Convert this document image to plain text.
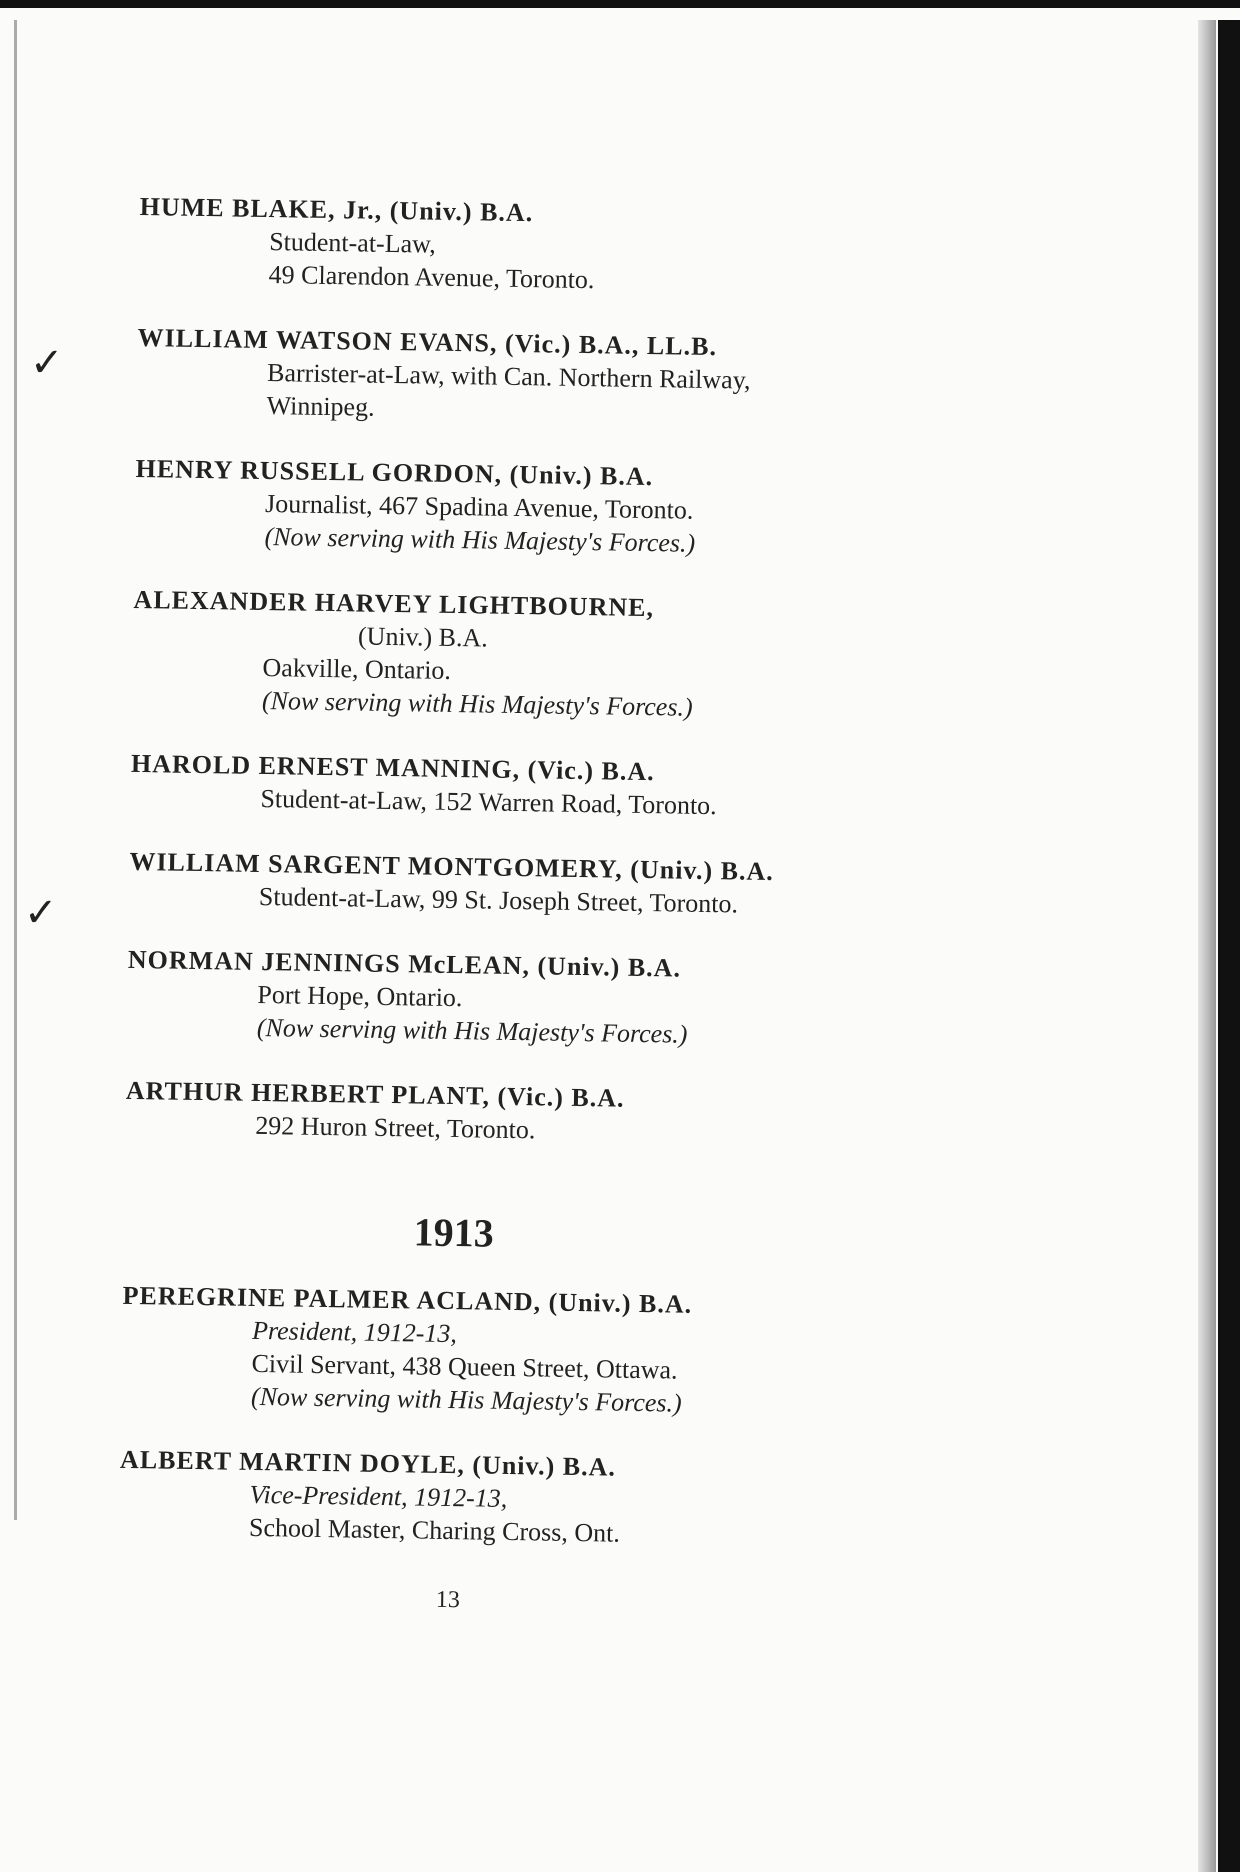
✓
✓
HUME BLAKE, Jr., (Univ.) B.A.
Student-at-Law,
49 Clarendon Avenue, Toronto.
WILLIAM WATSON EVANS, (Vic.) B.A., LL.B.
Barrister-at-Law, with Can. Northern Railway,
Winnipeg.
HENRY RUSSELL GORDON, (Univ.) B.A.
Journalist, 467 Spadina Avenue, Toronto.
(Now serving with His Majesty's Forces.)
ALEXANDER HARVEY LIGHTBOURNE,
(Univ.) B.A.
Oakville, Ontario.
(Now serving with His Majesty's Forces.)
HAROLD ERNEST MANNING, (Vic.) B.A.
Student-at-Law, 152 Warren Road, Toronto.
WILLIAM SARGENT MONTGOMERY, (Univ.) B.A.
Student-at-Law, 99 St. Joseph Street, Toronto.
NORMAN JENNINGS McLEAN, (Univ.) B.A.
Port Hope, Ontario.
(Now serving with His Majesty's Forces.)
ARTHUR HERBERT PLANT, (Vic.) B.A.
292 Huron Street, Toronto.
1913
PEREGRINE PALMER ACLAND, (Univ.) B.A.
President, 1912-13,
Civil Servant, 438 Queen Street, Ottawa.
(Now serving with His Majesty's Forces.)
ALBERT MARTIN DOYLE, (Univ.) B.A.
Vice-President, 1912-13,
School Master, Charing Cross, Ont.
13
